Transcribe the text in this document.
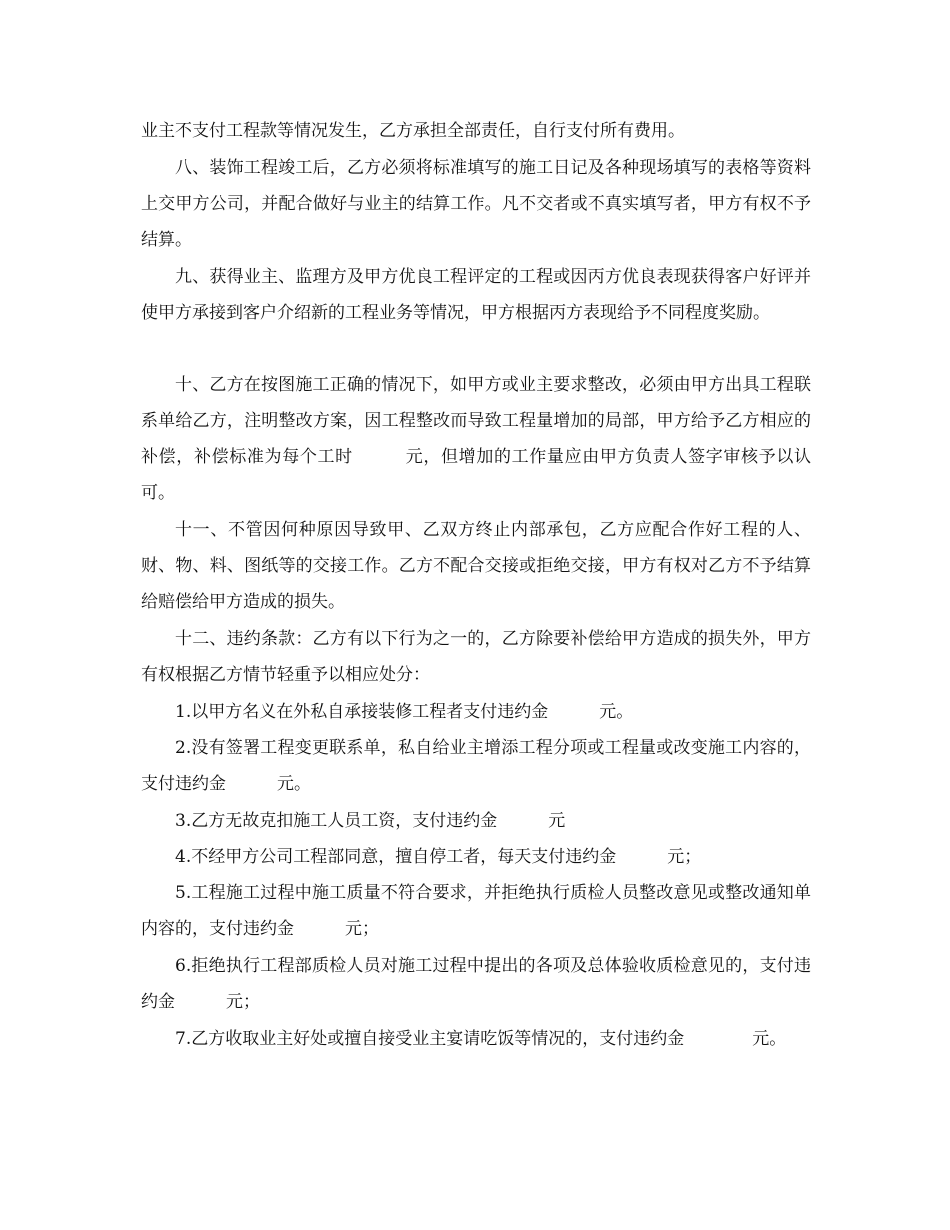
业主不支付工程款等情况发生，乙方承担全部责任，自行支付所有费用。

八、装饰工程竣工后，乙方必须将标准填写的施工日记及各种现场填写的表格等资料上交甲方公司，并配合做好与业主的结算工作。凡不交者或不真实填写者，甲方有权不予结算。

九、获得业主、监理方及甲方优良工程评定的工程或因丙方优良表现获得客户好评并使甲方承接到客户介绍新的工程业务等情况，甲方根据丙方表现给予不同程度奖励。

十、乙方在按图施工正确的情况下，如甲方或业主要求整改，必须由甲方出具工程联系单给乙方，注明整改方案，因工程整改而导致工程量增加的局部，甲方给予乙方相应的补偿，补偿标准为每个工时　　　元，但增加的工作量应由甲方负责人签字审核予以认可。

十一、不管因何种原因导致甲、乙双方终止内部承包，乙方应配合作好工程的人、财、物、料、图纸等的交接工作。乙方不配合交接或拒绝交接，甲方有权对乙方不予结算给赔偿给甲方造成的损失。

十二、违约条款：乙方有以下行为之一的，乙方除要补偿给甲方造成的损失外，甲方有权根据乙方情节轻重予以相应处分：

1.以甲方名义在外私自承接装修工程者支付违约金　　　元。

2.没有签署工程变更联系单，私自给业主增添工程分项或工程量或改变施工内容的，支付违约金　　　元。

3.乙方无故克扣施工人员工资，支付违约金　　　元

4.不经甲方公司工程部同意，擅自停工者，每天支付违约金　　　元；

5.工程施工过程中施工质量不符合要求，并拒绝执行质检人员整改意见或整改通知单内容的，支付违约金　　　元；

6.拒绝执行工程部质检人员对施工过程中提出的各项及总体验收质检意见的，支付违约金　　　元；

7.乙方收取业主好处或擅自接受业主宴请吃饭等情况的，支付违约金　　　　元。
